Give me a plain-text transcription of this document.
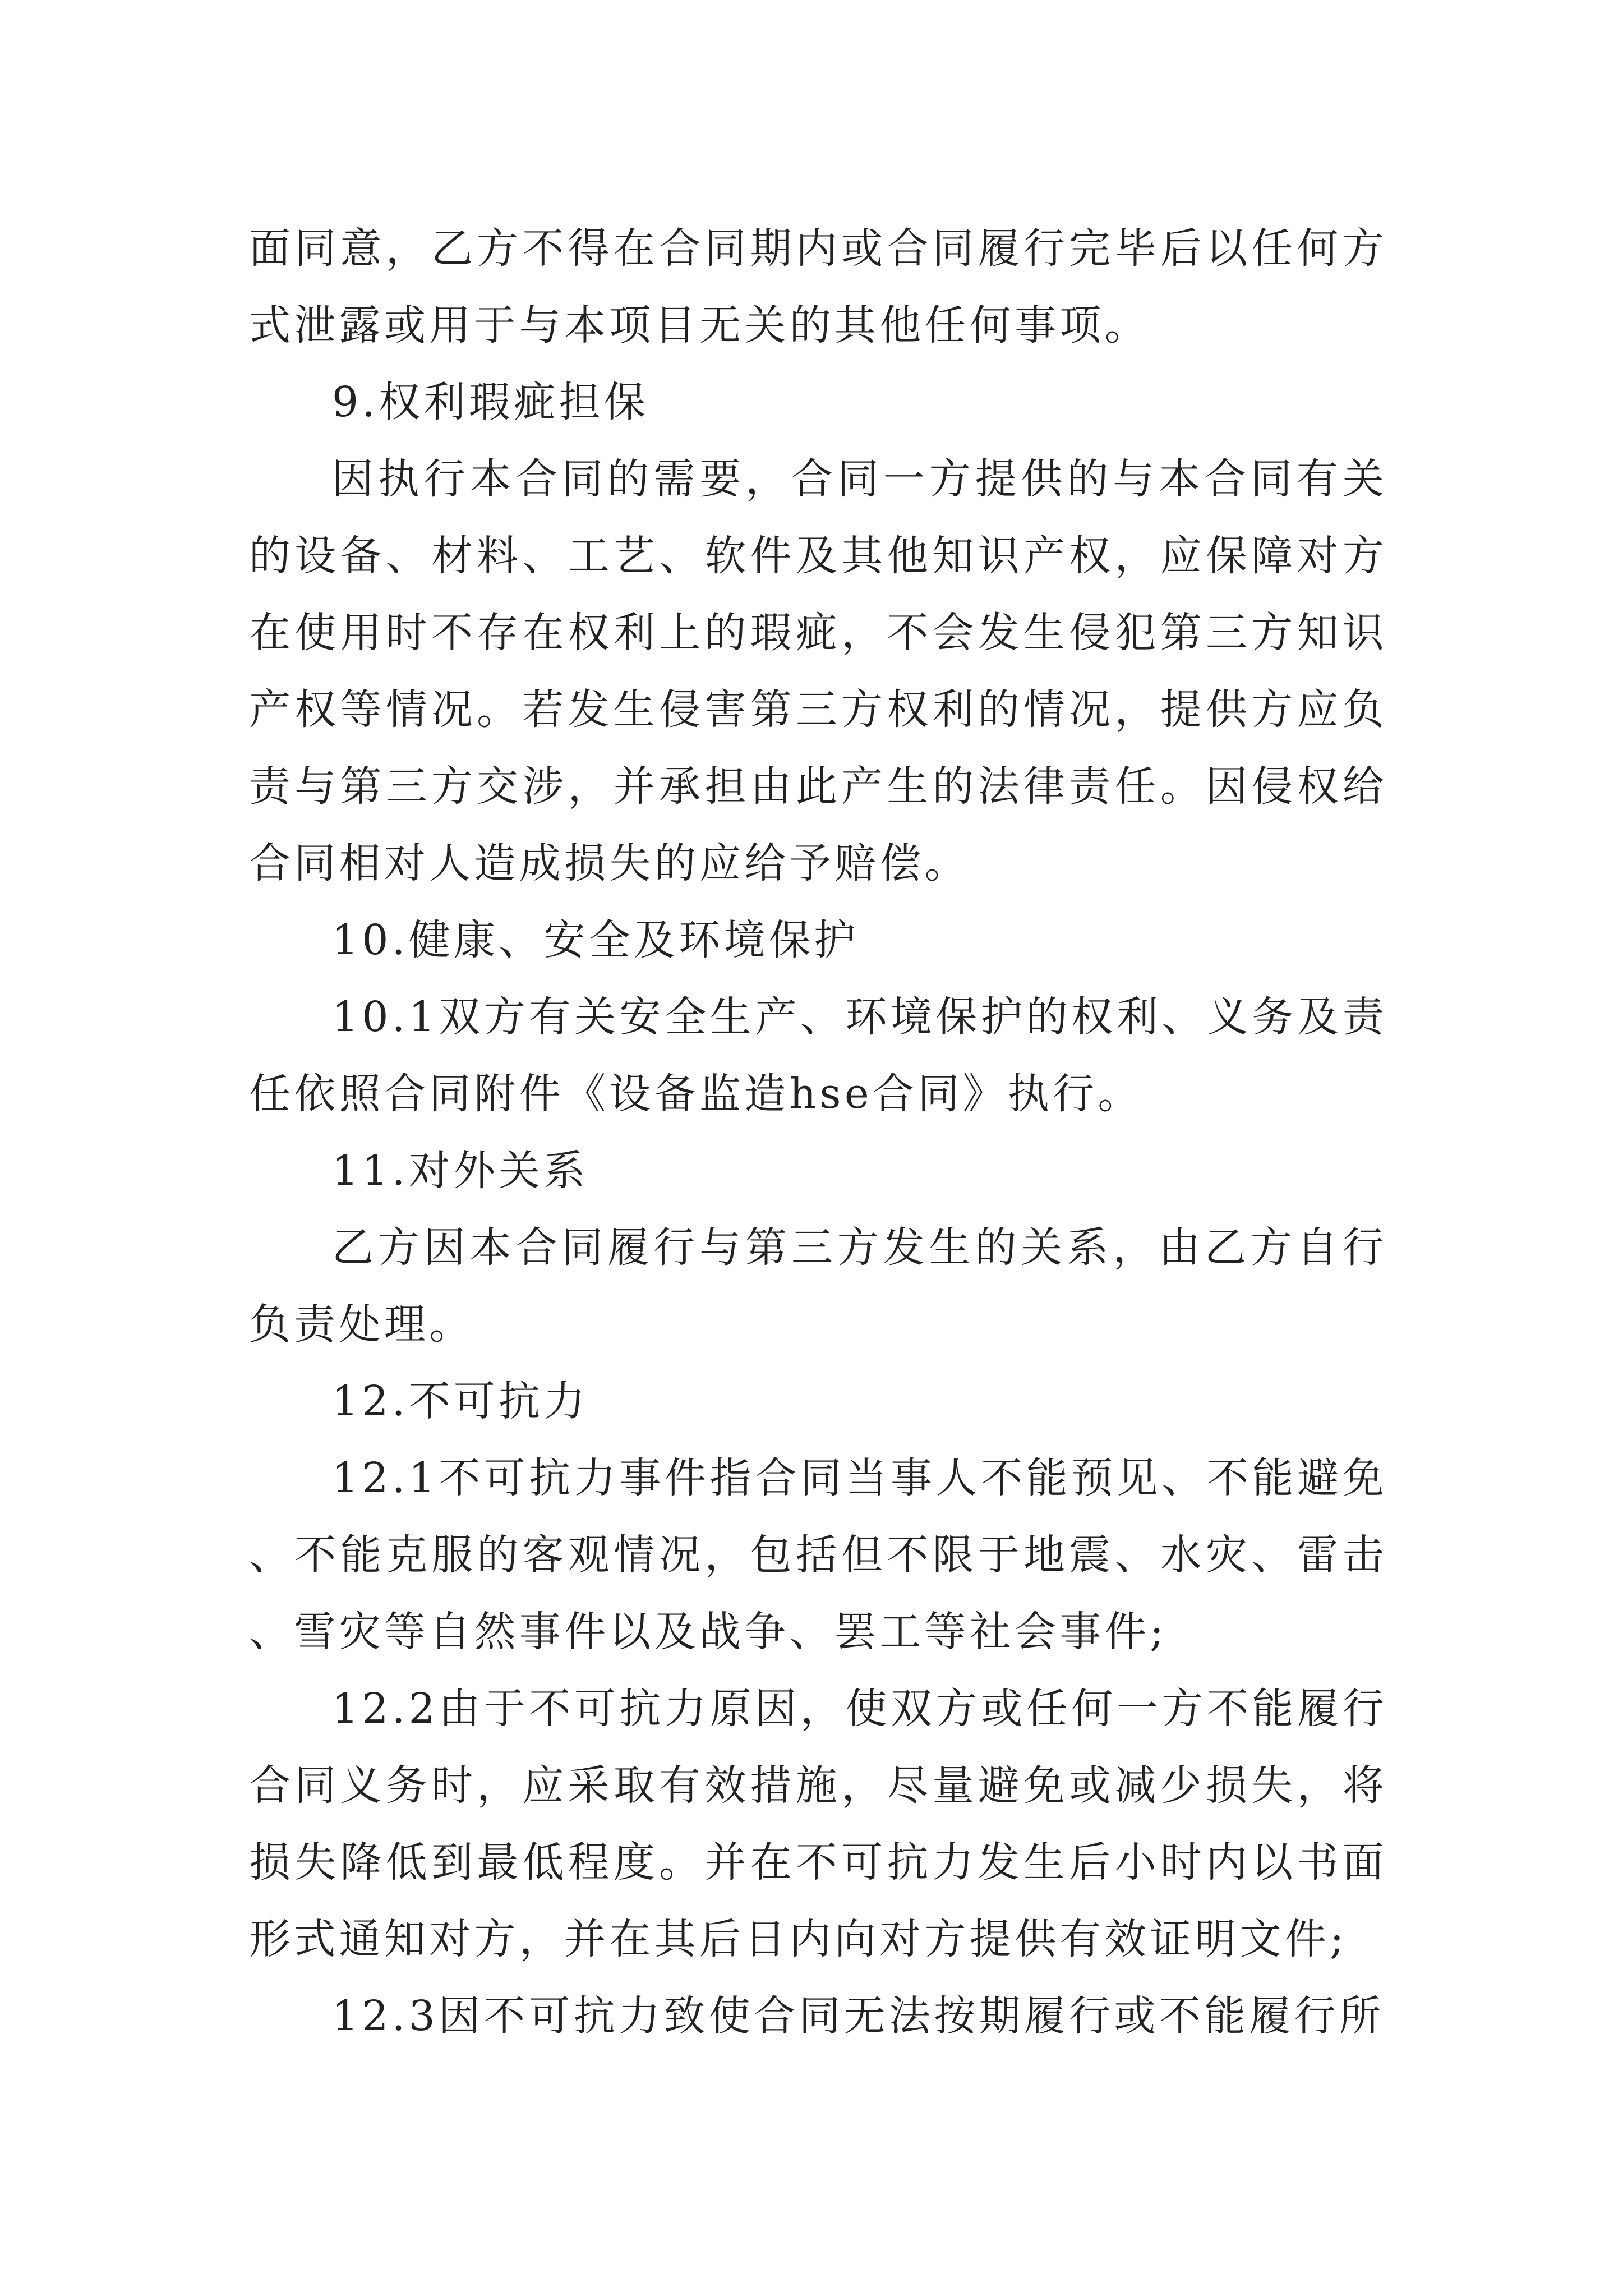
面同意，乙方不得在合同期内或合同履行完毕后以任何方式泄露或用于与本项目无关的其他任何事项。

9.权利瑕疵担保

因执行本合同的需要，合同一方提供的与本合同有关的设备、材料、工艺、软件及其他知识产权，应保障对方在使用时不存在权利上的瑕疵，不会发生侵犯第三方知识产权等情况。若发生侵害第三方权利的情况，提供方应负责与第三方交涉，并承担由此产生的法律责任。因侵权给合同相对人造成损失的应给予赔偿。

10.健康、安全及环境保护

10.1双方有关安全生产、环境保护的权利、义务及责任依照合同附件《设备监造hse合同》执行。

11.对外关系

乙方因本合同履行与第三方发生的关系，由乙方自行负责处理。

12.不可抗力

12.1不可抗力事件指合同当事人不能预见、不能避免、不能克服的客观情况，包括但不限于地震、水灾、雷击、雪灾等自然事件以及战争、罢工等社会事件;

12.2由于不可抗力原因，使双方或任何一方不能履行合同义务时，应采取有效措施，尽量避免或减少损失，将损失降低到最低程度。并在不可抗力发生后小时内以书面形式通知对方，并在其后日内向对方提供有效证明文件;

12.3因不可抗力致使合同无法按期履行或不能履行所
